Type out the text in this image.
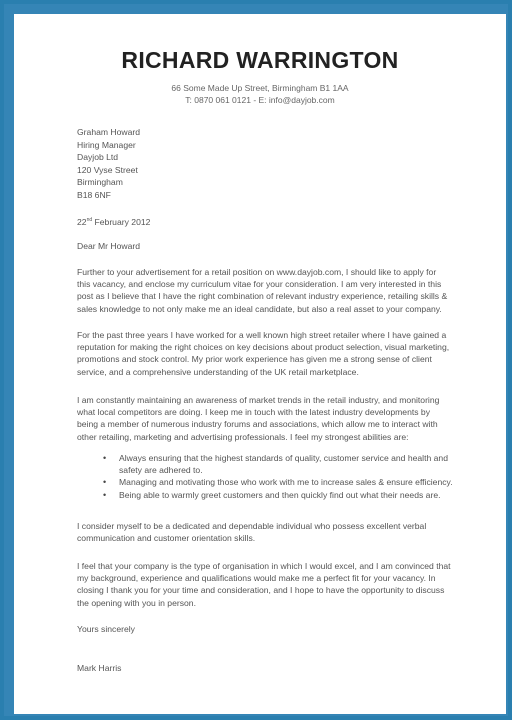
RICHARD WARRINGTON
66 Some Made Up Street, Birmingham B1 1AA
T: 0870 061 0121 - E: info@dayjob.com
Graham Howard
Hiring Manager
Dayjob Ltd
120 Vyse Street
Birmingham
B18 6NF
22nd February 2012
Dear Mr Howard
Further to your advertisement for a retail position on www.dayjob.com, I should like to apply for
this vacancy, and enclose my curriculum vitae for your consideration. I am very interested in this
post as I believe that I have the right combination of relevant industry experience, retailing skills &
sales knowledge to not only make me an ideal candidate, but also a real asset to your company.
For the past three years I have worked for a well known high street retailer where I have gained a
reputation for making the right choices on key decisions about product selection, visual marketing,
promotions and stock control. My prior work experience has given me a strong sense of client
service, and a comprehensive understanding of the UK retail marketplace.
I am constantly maintaining an awareness of market trends in the retail industry, and monitoring
what local competitors are doing. I keep me in touch with the latest industry developments by
being a member of numerous industry forums and associations, which allow me to interact with
other retailing, marketing and advertising professionals. I feel my strongest abilities are:
• Always ensuring that the highest standards of quality, customer service and health and
safety are adhered to.
• Managing and motivating those who work with me to increase sales & ensure efficiency.
• Being able to warmly greet customers and then quickly find out what their needs are.
I consider myself to be a dedicated and dependable individual who possess excellent verbal
communication and customer orientation skills.
I feel that your company is the type of organisation in which I would excel, and I am convinced that
my background, experience and qualifications would make me a perfect fit for your vacancy. In
closing I thank you for your time and consideration, and I hope to have the opportunity to discuss
the opening with you in person.
Yours sincerely
Mark Harris
